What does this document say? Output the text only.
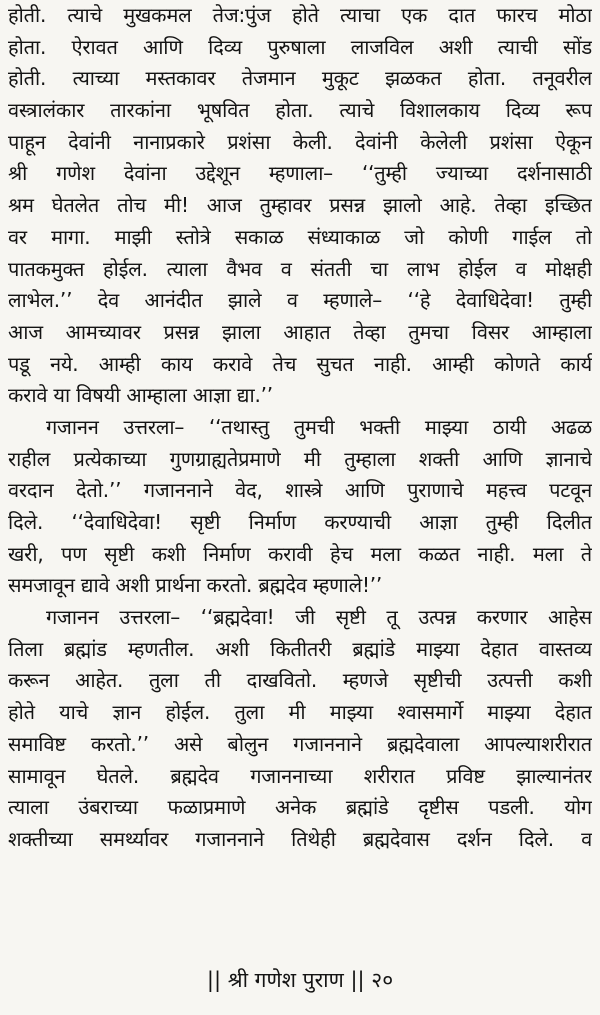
होती. त्याचे मुखकमल तेज:पुंज होते त्याचा एक दात फारच मोठा
होता. ऐरावत आणि दिव्य पुरुषाला लाजविल अशी त्याची सोंड
होती. त्याच्या मस्तकावर तेजमान मुकूट झळकत होता. तनूवरील
वस्त्रालंकार तारकांना भूषवित होता. त्याचे विशालकाय दिव्य रूप
पाहून देवांनी नानाप्रकारे प्रशंसा केली. देवांनी केलेली प्रशंसा ऐकून
श्री गणेश देवांना उद्देशून म्हणाला– ‘‘तुम्ही ज्याच्या दर्शनासाठी
श्रम घेतलेत तोच मी! आज तुम्हावर प्रसन्न झालो आहे. तेव्हा इच्छित
वर मागा. माझी स्तोत्रे सकाळ संध्याकाळ जो कोणी गाईल तो
पातकमुक्त होईल. त्याला वैभव व संतती चा लाभ होईल व मोक्षही
लाभेल.’’ देव आनंदीत झाले व म्हणाले– ‘‘हे देवाधिदेवा! तुम्ही
आज आमच्यावर प्रसन्न झाला आहात तेव्हा तुमचा विसर आम्हाला
पडू नये. आम्ही काय करावे तेच सुचत नाही. आम्ही कोणते कार्य
करावे या विषयी आम्हाला आज्ञा द्या.’’
गजानन उत्तरला– ‘‘तथास्तु तुमची भक्ती माझ्या ठायी अढळ
राहील प्रत्येकाच्या गुणग्राह्यतेप्रमाणे मी तुम्हाला शक्ती आणि ज्ञानाचे
वरदान देतो.’’ गजाननाने वेद, शास्त्रे आणि पुराणाचे महत्त्व पटवून
दिले. ‘‘देवाधिदेवा! सृष्टी निर्माण करण्याची आज्ञा तुम्ही दिलीत
खरी, पण सृष्टी कशी निर्माण करावी हेच मला कळत नाही. मला ते
समजावून द्यावे अशी प्रार्थना करतो. ब्रह्मदेव म्हणाले!’’
गजानन उत्तरला– ‘‘ब्रह्मदेवा! जी सृष्टी तू उत्पन्न करणार आहेस
तिला ब्रह्मांड म्हणतील. अशी कितीतरी ब्रह्मांडे माझ्या देहात वास्तव्य
करून आहेत. तुला ती दाखवितो. म्हणजे सृष्टीची उत्पत्ती कशी
होते याचे ज्ञान होईल. तुला मी माझ्या श्वासमार्गे माझ्या देहात
समाविष्ट करतो.’’ असे बोलुन गजाननाने ब्रह्मदेवाला आपल्याशरीरात
सामावून घेतले. ब्रह्मदेव गजाननाच्या शरीरात प्रविष्ट झाल्यानंतर
त्याला उंबराच्या फळाप्रमाणे अनेक ब्रह्मांडे दृष्टीस पडली. योग
शक्तीच्या समर्थ्यावर गजाननाने तिथेही ब्रह्मदेवास दर्शन दिले. व
|| श्री गणेश पुराण || २०
